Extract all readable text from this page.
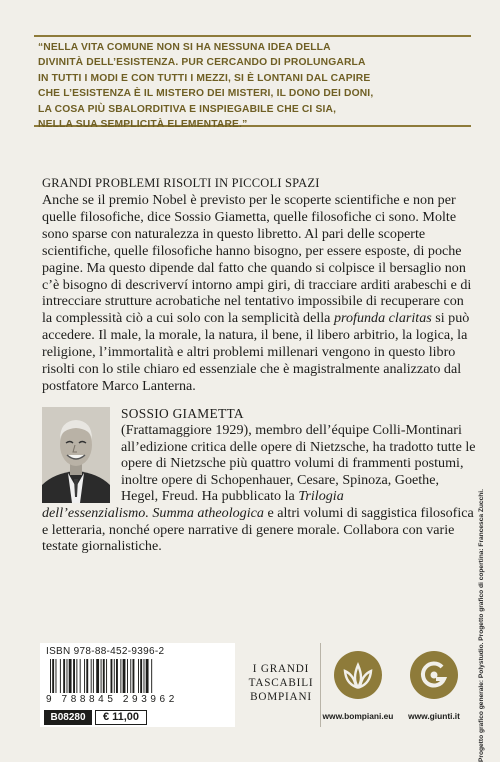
“NELLA VITA COMUNE NON SI HA NESSUNA IDEA DELLA
DIVINITÀ DELL’ESISTENZA. PUR CERCANDO DI PROLUNGARLA
IN TUTTI I MODI E CON TUTTI I MEZZI, SI È LONTANI DAL CAPIRE
CHE L’ESISTENZA È IL MISTERO DEI MISTERI, IL DONO DEI DONI,
LA COSA PIÙ SBALORDITIVA E INSPIEGABILE CHE CI SIA,
NELLA SUA SEMPLICITÀ ELEMENTARE.”

GRANDI PROBLEMI RISOLTI IN PICCOLI SPAZI

Anche se il premio Nobel è previsto per le scoperte scientifiche e non per quelle filosofiche, dice Sossio Giametta, quelle filosofiche ci sono. Molte sono sparse con naturalezza in questo libretto. Al pari delle scoperte scientifiche, quelle filosofiche hanno bisogno, per essere esposte, di poche pagine. Ma questo dipende dal fatto che quando si colpisce il bersaglio non c’è bisogno di descriverví intorno ampi giri, di tracciare arditi arabeschi e di intrecciare strutture acrobatiche nel tentativo impossibile di recuperare con la complessità ciò a cui solo con la semplicità della profunda claritas si può accedere. Il male, la morale, la natura, il bene, il libero arbitrio, la logica, la religione, l’immortalità e altri problemi millenari vengono in questo libro risolti con lo stile chiaro ed essenziale che è magistralmente analizzato dal postfatore Marco Lanterna.

SOSSIO GIAMETTA

(Frattamaggiore 1929), membro dell’équipe Colli-Montinari all’edizione critica delle opere di Nietzsche, ha tradotto tutte le opere di Nietzsche più quattro volumi di frammenti postumi, inoltre opere di Schopenhauer, Cesare, Spinoza, Goethe, Hegel, Freud. Ha pubblicato la Trilogia

dell’essenzialismo. Summa atheologica e altri volumi di saggistica filosofica e letteraria, nonché opere narrative di genere morale. Collabora con varie testate giornalistiche.

ISBN 978-88-452-9396-2
9 788845 293962
B08280	€ 11,00

I GRANDI

TASCABILI

BOMPIANI

www.bompiani.eu	www.giunti.it	Progetto grafico generale: Polystudio. Progetto grafico di copertina: Francesca Zucchi.
